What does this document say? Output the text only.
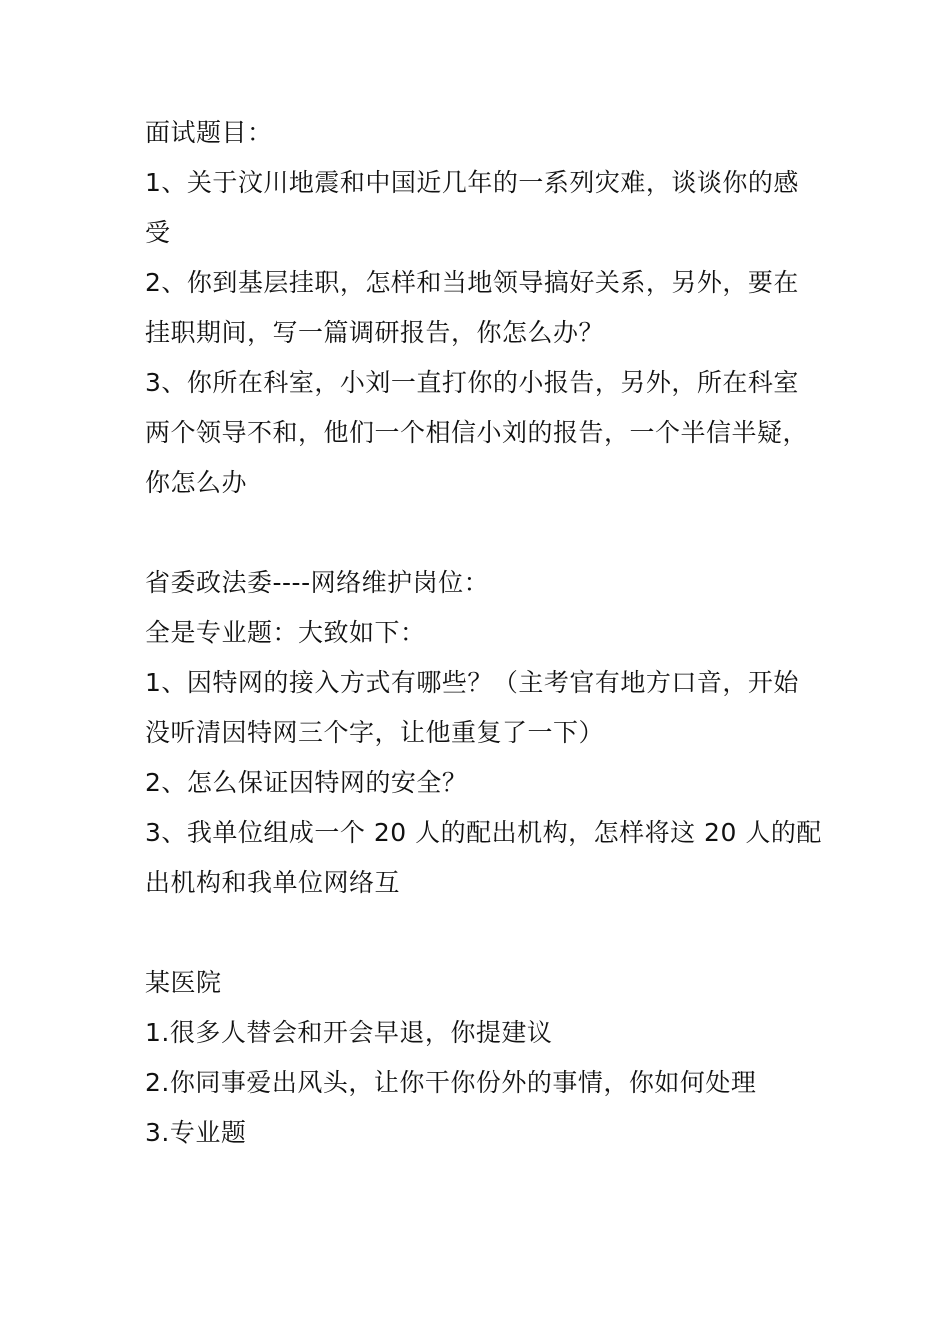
面试题目：
1、关于汶川地震和中国近几年的一系列灾难，谈谈你的感
受
2、你到基层挂职，怎样和当地领导搞好关系，另外，要在
挂职期间，写一篇调研报告，你怎么办？
3、你所在科室，小刘一直打你的小报告，另外，所在科室
两个领导不和，他们一个相信小刘的报告，一个半信半疑，
你怎么办
省委政法委----网络维护岗位：
全是专业题：大致如下：
1、因特网的接入方式有哪些？（主考官有地方口音，开始
没听清因特网三个字，让他重复了一下）
2、怎么保证因特网的安全？
3、我单位组成一个 20 人的配出机构，怎样将这 20 人的配
出机构和我单位网络互
某医院
1.很多人替会和开会早退，你提建议
2.你同事爱出风头，让你干你份外的事情，你如何处理
3.专业题
